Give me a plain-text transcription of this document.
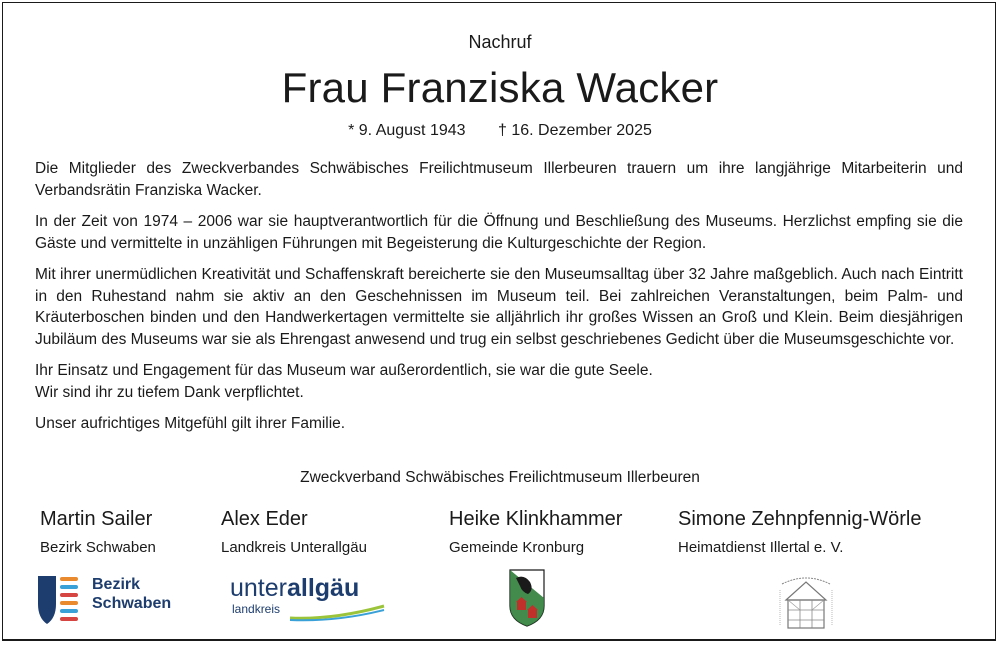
Nachruf
Frau Franziska Wacker
* 9. August 1943 † 16. Dezember 2025

Die Mitglieder des Zweckverbandes Schwäbisches Freilichtmuseum Illerbeuren trauern um ihre langjährige Mitarbeiterin und Verbandsrätin Franziska Wacker.

In der Zeit von 1974 – 2006 war sie hauptverantwortlich für die Öffnung und Beschließung des Museums. Herzlichst empfing sie die Gäste und vermittelte in unzähligen Führungen mit Begeisterung die Kulturgeschichte der Region.

Mit ihrer unermüdlichen Kreativität und Schaffenskraft bereicherte sie den Museumsalltag über 32 Jahre maßgeblich. Auch nach Eintritt in den Ruhestand nahm sie aktiv an den Geschehnissen im Museum teil. Bei zahlreichen Veranstaltungen, beim Palm- und Kräuterboschen binden und den Handwerkertagen vermittelte sie alljährlich ihr großes Wissen an Groß und Klein. Beim diesjährigen Jubiläum des Museums war sie als Ehrengast anwesend und trug ein selbst geschriebenes Gedicht über die Museumsgeschichte vor.

Ihr Einsatz und Engagement für das Museum war außerordentlich, sie war die gute Seele.
Wir sind ihr zu tiefem Dank verpflichtet.

Unser aufrichtiges Mitgefühl gilt ihrer Familie.

Zweckverband Schwäbisches Freilichtmuseum Illerbeuren
Martin Sailer
Bezirk Schwaben
Alex Eder
Landkreis Unterallgäu
Heike Klinkhammer
Gemeinde Kronburg
Simone Zehnpfennig-Wörle
Heimatdienst Illertal e. V.
Bezirk
Schwaben
unterallgäu
landkreis
